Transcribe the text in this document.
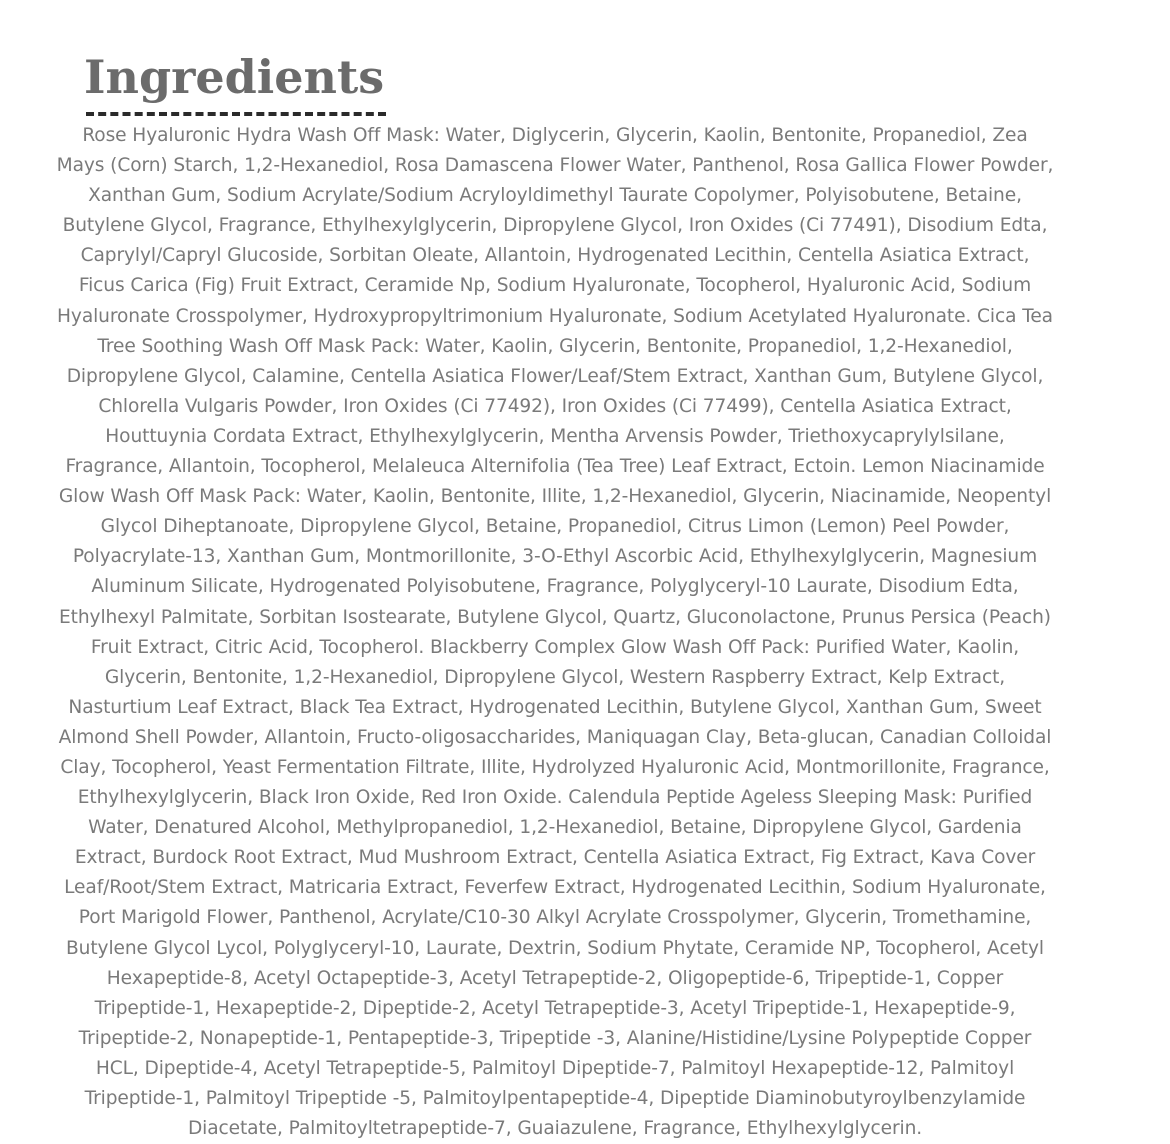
Ingredients

Rose Hyaluronic Hydra Wash Off Mask: Water, Diglycerin, Glycerin, Kaolin, Bentonite, Propanediol, Zea Mays (Corn) Starch, 1,2-Hexanediol, Rosa Damascena Flower Water, Panthenol, Rosa Gallica Flower Powder, Xanthan Gum, Sodium Acrylate/Sodium Acryloyldimethyl Taurate Copolymer, Polyisobutene, Betaine, Butylene Glycol, Fragrance, Ethylhexylglycerin, Dipropylene Glycol, Iron Oxides (Ci 77491), Disodium Edta, Caprylyl/Capryl Glucoside, Sorbitan Oleate, Allantoin, Hydrogenated Lecithin, Centella Asiatica Extract, Ficus Carica (Fig) Fruit Extract, Ceramide Np, Sodium Hyaluronate, Tocopherol, Hyaluronic Acid, Sodium Hyaluronate Crosspolymer, Hydroxypropyltrimonium Hyaluronate, Sodium Acetylated Hyaluronate. Cica Tea Tree Soothing Wash Off Mask Pack: Water, Kaolin, Glycerin, Bentonite, Propanediol, 1,2-Hexanediol, Dipropylene Glycol, Calamine, Centella Asiatica Flower/Leaf/Stem Extract, Xanthan Gum, Butylene Glycol, Chlorella Vulgaris Powder, Iron Oxides (Ci 77492), Iron Oxides (Ci 77499), Centella Asiatica Extract, Houttuynia Cordata Extract, Ethylhexylglycerin, Mentha Arvensis Powder, Triethoxycaprylylsilane, Fragrance, Allantoin, Tocopherol, Melaleuca Alternifolia (Tea Tree) Leaf Extract, Ectoin. Lemon Niacinamide Glow Wash Off Mask Pack: Water, Kaolin, Bentonite, Illite, 1,2-Hexanediol, Glycerin, Niacinamide, Neopentyl Glycol Diheptanoate, Dipropylene Glycol, Betaine, Propanediol, Citrus Limon (Lemon) Peel Powder, Polyacrylate-13, Xanthan Gum, Montmorillonite, 3-O-Ethyl Ascorbic Acid, Ethylhexylglycerin, Magnesium Aluminum Silicate, Hydrogenated Polyisobutene, Fragrance, Polyglyceryl-10 Laurate, Disodium Edta, Ethylhexyl Palmitate, Sorbitan Isostearate, Butylene Glycol, Quartz, Gluconolactone, Prunus Persica (Peach) Fruit Extract, Citric Acid, Tocopherol. Blackberry Complex Glow Wash Off Pack: Purified Water, Kaolin, Glycerin, Bentonite, 1,2-Hexanediol, Dipropylene Glycol, Western Raspberry Extract, Kelp Extract, Nasturtium Leaf Extract, Black Tea Extract, Hydrogenated Lecithin, Butylene Glycol, Xanthan Gum, Sweet Almond Shell Powder, Allantoin, Fructo-oligosaccharides, Maniquagan Clay, Beta-glucan, Canadian Colloidal Clay, Tocopherol, Yeast Fermentation Filtrate, Illite, Hydrolyzed Hyaluronic Acid, Montmorillonite, Fragrance, Ethylhexylglycerin, Black Iron Oxide, Red Iron Oxide. Calendula Peptide Ageless Sleeping Mask: Purified Water, Denatured Alcohol, Methylpropanediol, 1,2-Hexanediol, Betaine, Dipropylene Glycol, Gardenia Extract, Burdock Root Extract, Mud Mushroom Extract, Centella Asiatica Extract, Fig Extract, Kava Cover Leaf/Root/Stem Extract, Matricaria Extract, Feverfew Extract, Hydrogenated Lecithin, Sodium Hyaluronate, Port Marigold Flower, Panthenol, Acrylate/C10-30 Alkyl Acrylate Crosspolymer, Glycerin, Tromethamine, Butylene Glycol Lycol, Polyglyceryl-10, Laurate, Dextrin, Sodium Phytate, Ceramide NP, Tocopherol, Acetyl Hexapeptide-8, Acetyl Octapeptide-3, Acetyl Tetrapeptide-2, Oligopeptide-6, Tripeptide-1, Copper Tripeptide-1, Hexapeptide-2, Dipeptide-2, Acetyl Tetrapeptide-3, Acetyl Tripeptide-1, Hexapeptide-9, Tripeptide-2, Nonapeptide-1, Pentapeptide-3, Tripeptide -3, Alanine/Histidine/Lysine Polypeptide Copper HCL, Dipeptide-4, Acetyl Tetrapeptide-5, Palmitoyl Dipeptide-7, Palmitoyl Hexapeptide-12, Palmitoyl Tripeptide-1, Palmitoyl Tripeptide -5, Palmitoylpentapeptide-4, Dipeptide Diaminobutyroylbenzylamide Diacetate, Palmitoyltetrapeptide-7, Guaiazulene, Fragrance, Ethylhexylglycerin.
